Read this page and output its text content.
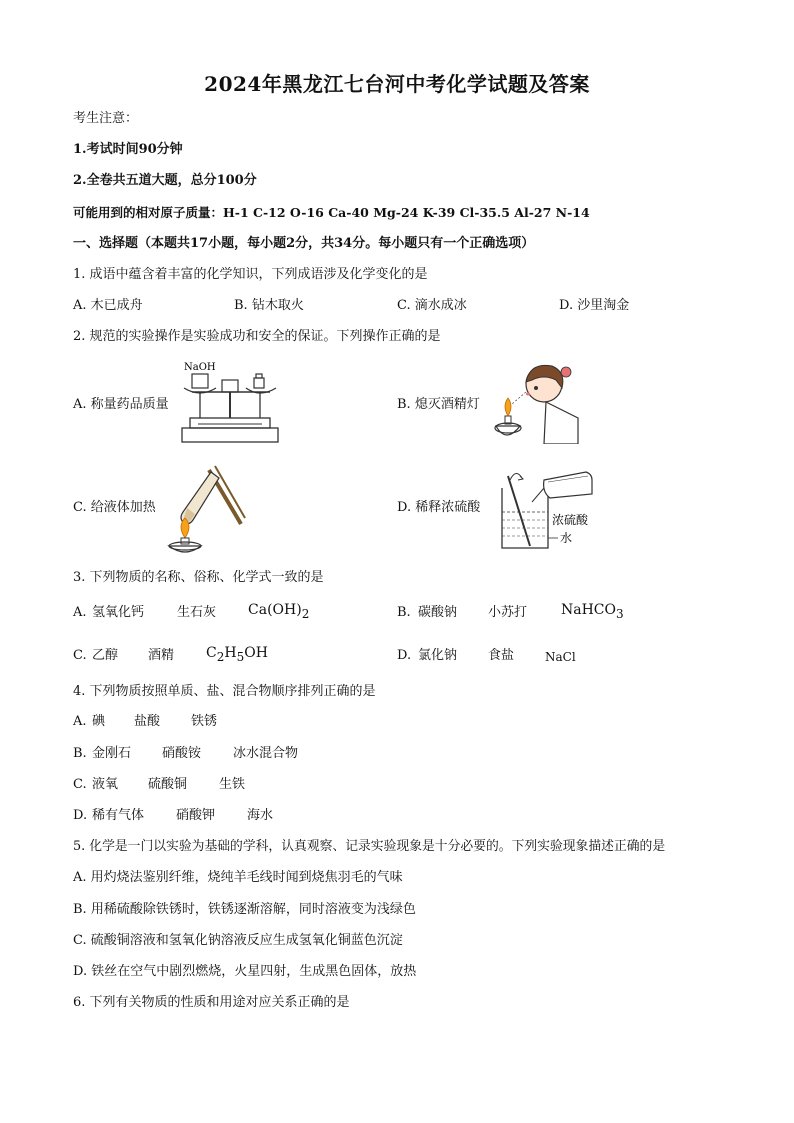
2024年黑龙江七台河中考化学试题及答案
考生注意：
1.考试时间90分钟
2.全卷共五道大题，总分100分
可能用到的相对原子质量：H-1 C-12 O-16 Ca-40 Mg-24 K-39 Cl-35.5 Al-27 N-14
一、选择题（本题共17小题，每小题2分，共34分。每小题只有一个正确选项）
1. 成语中蕴含着丰富的化学知识，下列成语涉及化学变化的是
A. 木已成舟	B. 钻木取火	C. 滴水成冰	D. 沙里淘金
2. 规范的实验操作是实验成功和安全的保证。下列操作正确的是
A. 称量药品质量
NaOH
B. 熄灭酒精灯
C. 给液体加热	D. 稀释浓硫酸
浓硫酸
水
3. 下列物质的名称、俗称、化学式一致的是
A. 氢氧化钙	生石灰 $Ca(OH)_2$	B. 碳酸钠 小苏打 NaHCO$_3$
C. 乙醇 酒精 $C_2H_5OH$	D. 氯化钠 食盐	NaCl
4. 下列物质按照单质、盐、混合物顺序排列正确的是
A. 碘 盐酸 铁锈
B. 金刚石 硝酸铵 冰水混合物
C. 液氧 硫酸铜 生铁
D. 稀有气体 硝酸钾 海水
5. 化学是一门以实验为基础的学科，认真观察、记录实验现象是十分必要的。下列实验现象描述正确的是
A. 用灼烧法鉴别纤维，烧纯羊毛线时闻到烧焦羽毛的气味
B. 用稀硫酸除铁锈时，铁锈逐渐溶解，同时溶液变为浅绿色
C. 硫酸铜溶液和氢氧化钠溶液反应生成氢氧化铜蓝色沉淀
D. 铁丝在空气中剧烈燃烧，火星四射，生成黑色固体，放热
6. 下列有关物质的性质和用途对应关系正确的是
